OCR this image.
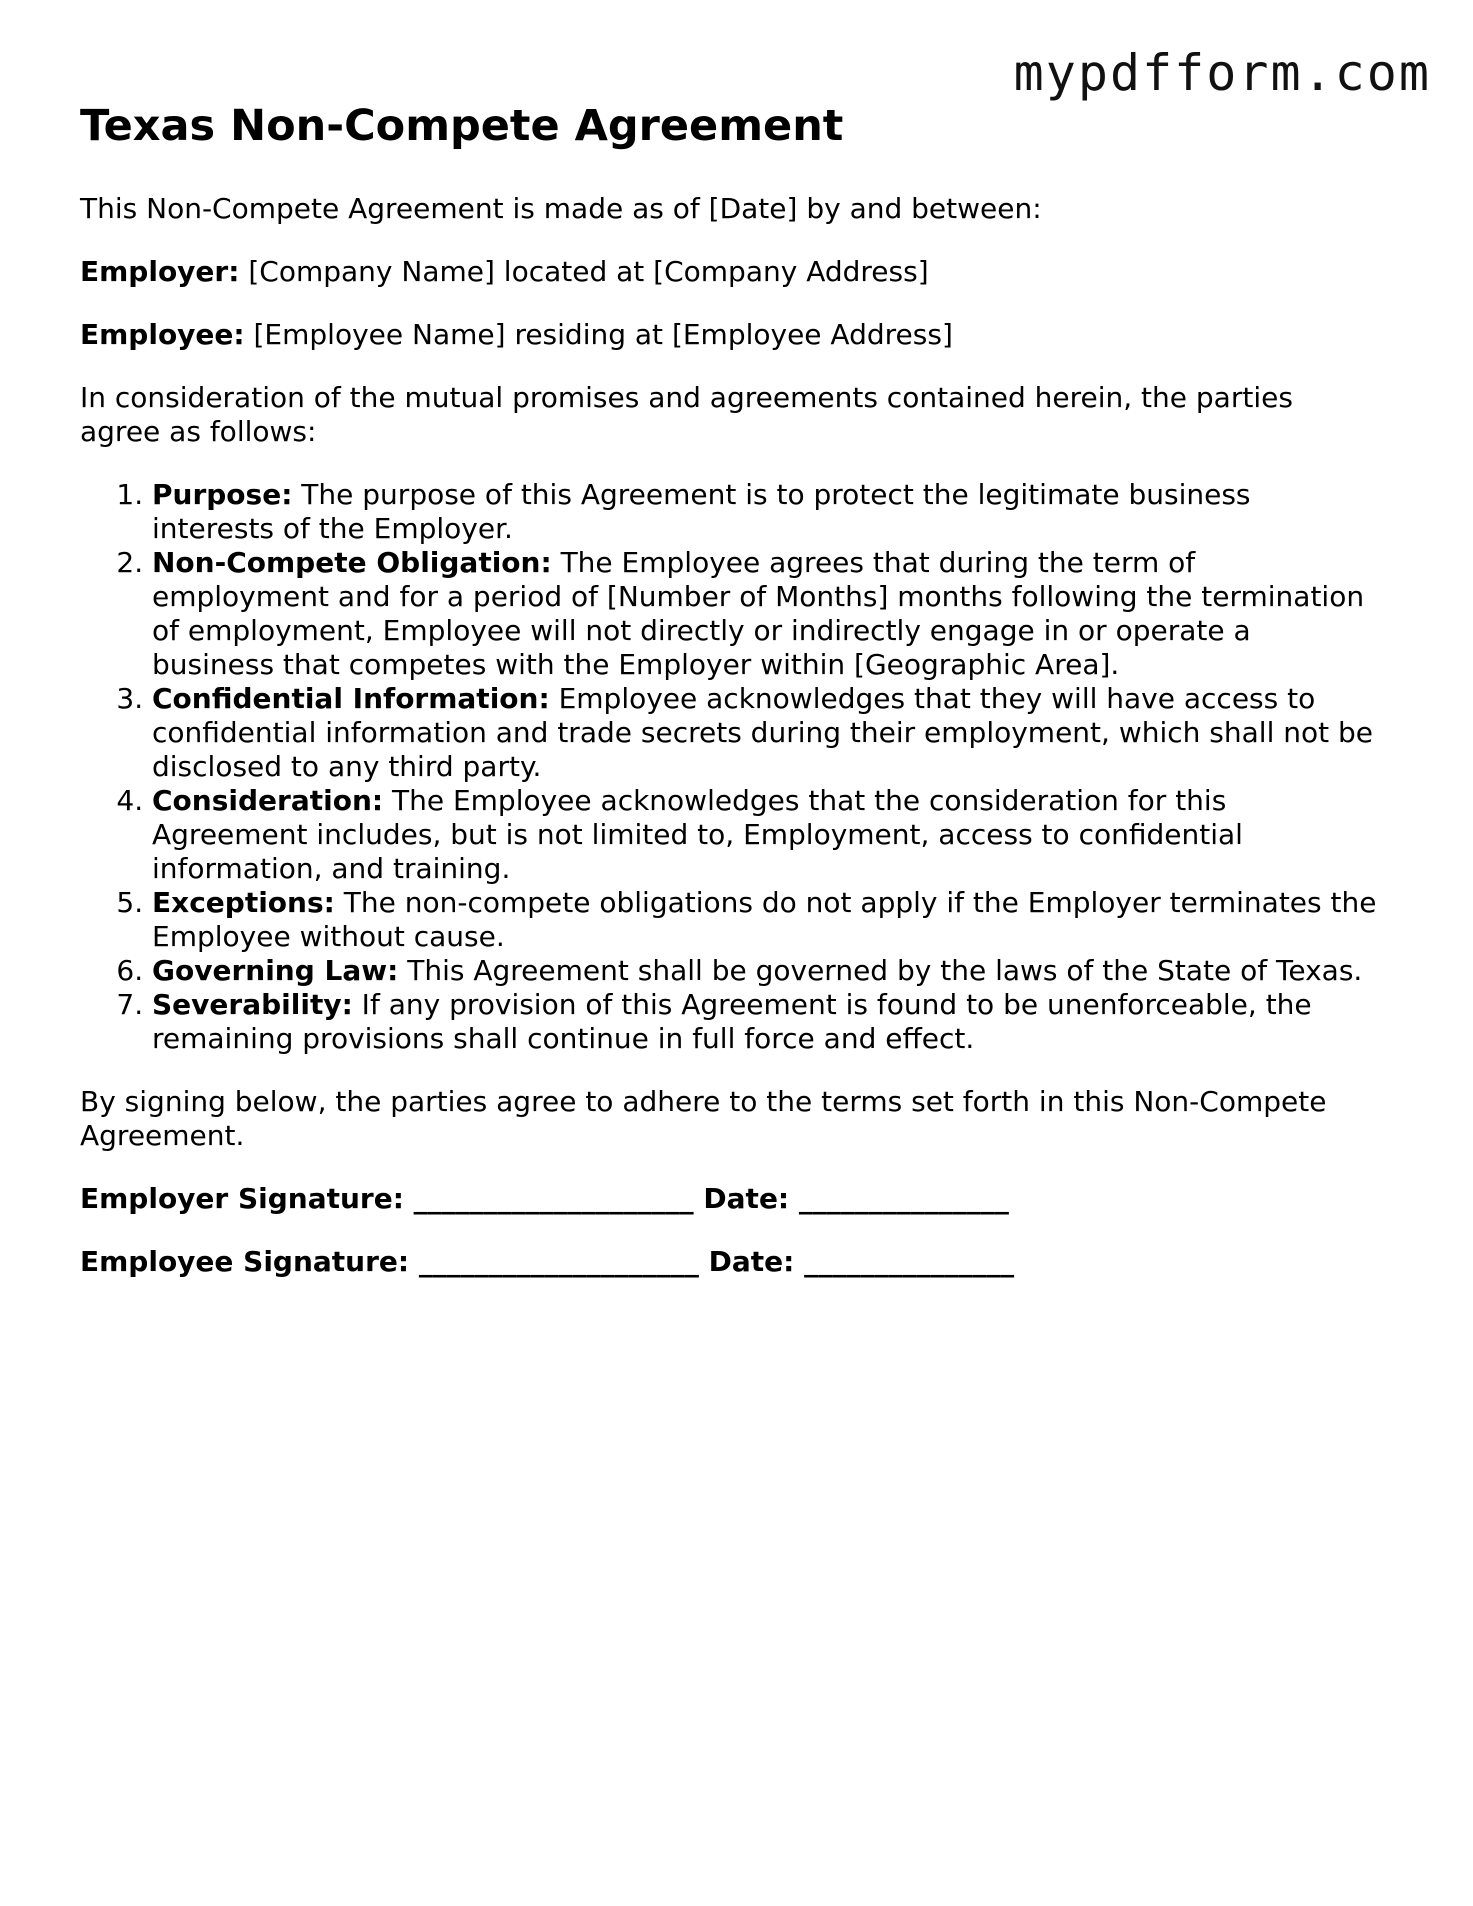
mypdfform.com
Texas Non-Compete Agreement

This Non-Compete Agreement is made as of [Date] by and between:

Employer: [Company Name] located at [Company Address]

Employee: [Employee Name] residing at [Employee Address]

In consideration of the mutual promises and agreements contained herein, the parties agree as follows:

1. Purpose: The purpose of this Agreement is to protect the legitimate business interests of the Employer.
2. Non-Compete Obligation: The Employee agrees that during the term of employment and for a period of [Number of Months] months following the termination of employment, Employee will not directly or indirectly engage in or operate a business that competes with the Employer within [Geographic Area].
3. Confidential Information: Employee acknowledges that they will have access to confidential information and trade secrets during their employment, which shall not be disclosed to any third party.
4. Consideration: The Employee acknowledges that the consideration for this Agreement includes, but is not limited to, Employment, access to confidential information, and training.
5. Exceptions: The non-compete obligations do not apply if the Employer terminates the Employee without cause.
6. Governing Law: This Agreement shall be governed by the laws of the State of Texas.
7. Severability: If any provision of this Agreement is found to be unenforceable, the remaining provisions shall continue in full force and effect.

By signing below, the parties agree to adhere to the terms set forth in this Non-Compete Agreement.

Employer Signature: ____________________ Date: _______________

Employee Signature: ____________________ Date: _______________
